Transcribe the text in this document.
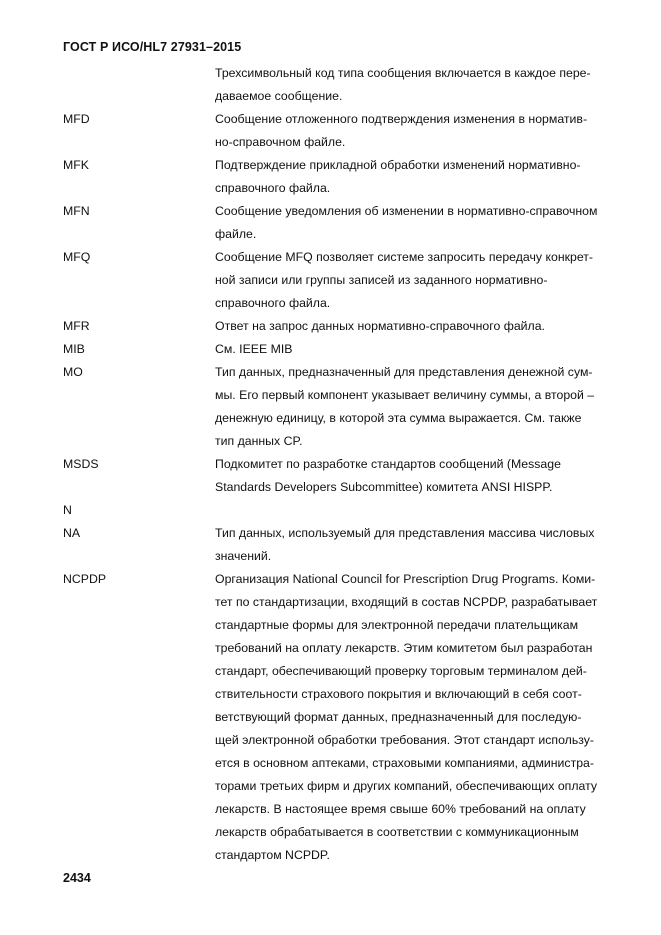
ГОСТ Р ИСО/HL7 27931–2015
Трехсимвольный код типа сообщения включается в каждое пере-
даваемое сообщение.
MFD	Сообщение отложенного подтверждения изменения в норматив-
но-справочном файле.
MFK	Подтверждение прикладной обработки изменений нормативно-
справочного файла.
MFN	Сообщение уведомления об изменении в нормативно-справочном
файле.
MFQ	Сообщение MFQ позволяет системе запросить передачу конкрет-
ной записи или группы записей из заданного нормативно-
справочного файла.
MFR	Ответ на запрос данных нормативно-справочного файла.
MIB	См. IEEE MIB
MO	Тип данных, предназначенный для представления денежной сум-
мы. Его первый компонент указывает величину суммы, а второй –
денежную единицу, в которой эта сумма выражается. См. также
тип данных CP.
MSDS	Подкомитет по разработке стандартов сообщений (Message
Standards Developers Subcommittee) комитета ANSI HISPP.
N

NA	Тип данных, используемый для представления массива числовых
значений.
NCPDP	Организация National Council for Prescription Drug Programs. Коми-
тет по стандартизации, входящий в состав NCPDP, разрабатывает
стандартные формы для электронной передачи плательщикам
требований на оплату лекарств. Этим комитетом был разработан
стандарт, обеспечивающий проверку торговым терминалом дей-
ствительности страхового покрытия и включающий в себя соот-
ветствующий формат данных, предназначенный для последую-
щей электронной обработки требования. Этот стандарт использу-
ется в основном аптеками, страховыми компаниями, администра-
торами третьих фирм и других компаний, обеспечивающих оплату
лекарств. В настоящее время свыше 60% требований на оплату
лекарств обрабатывается в соответствии с коммуникационным
стандартом NCPDP.
2434
